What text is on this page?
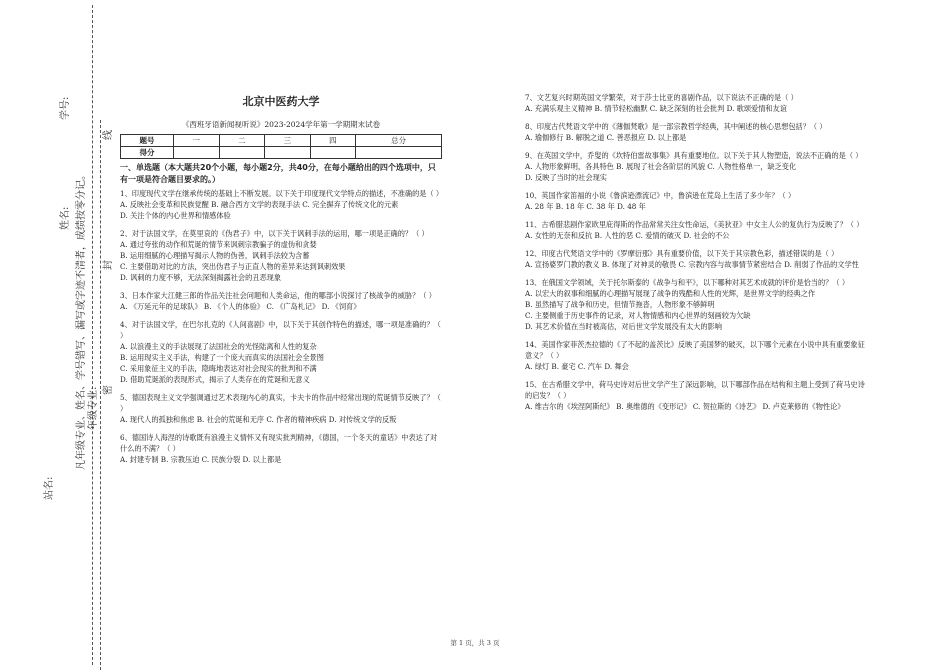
学号:
姓名:
年级专业:
站名:
凡年级专业、姓名、学号错写、漏写或字迹不清者，成绩按零分记。 密
封
线
北京中医药大学
《西班牙语新闻视听说》2023-2024学年第一学期期末试卷
题号	一	二	三	四	总分
得分					
一、单选题（本大题共20个小题，每小题2分，共40分，在每小题给出的四个选项中，只有一项是符合题目要求的。）

1、印度现代文学在继承传统的基础上不断发展。以下关于印度现代文学特点的描述，不准确的是（ ）

A. 反映社会变革和民族觉醒 B. 融合西方文学的表现手法 C. 完全摒弃了传统文化的元素

D. 关注个体的内心世界和情感体验

2、对于法国文学，在莫里哀的《伪君子》中，以下关于讽刺手法的运用，哪一项是正确的？（ ）

A. 通过夸张的动作和荒诞的情节来讽刺宗教骗子的虚伪和贪婪

B. 运用细腻的心理描写揭示人物的伪善，讽刺手法较为含蓄

C. 主要借助对比的方法，突出伪君子与正直人物的差异来达到讽刺效果

D. 讽刺的力度不够，无法深刻揭露社会的丑恶现象

3、日本作家大江健三郎的作品关注社会问题和人类命运，他的哪部小说探讨了核战争的威胁？（ ）

A. 《万延元年的足球队》 B. 《个人的体验》 C. 《广岛札记》 D. 《饲育》

4、对于法国文学，在巴尔扎克的《人间喜剧》中，以下关于其创作特色的描述，哪一项是准确的？（ ）

A. 以浪漫主义的手法展现了法国社会的光怪陆离和人性的复杂

B. 运用现实主义手法，构建了一个庞大而真实的法国社会全景图

C. 采用象征主义的手法，隐晦地表达对社会现实的批判和不满

D. 借助荒诞派的表现形式，揭示了人类存在的荒诞和无意义

5、德国表现主义文学强调通过艺术表现内心的真实，卡夫卡的作品中经常出现的荒诞情节反映了？（ ）

A. 现代人的孤独和焦虑 B. 社会的荒诞和无序 C. 作者的精神疾病 D. 对传统文学的反叛

6、德国诗人海涅的诗歌既有浪漫主义情怀又有现实批判精神，《德国，一个冬天的童话》中表达了对什么的不满？（ ）

A. 封建专制 B. 宗教压迫 C. 民族分裂 D. 以上都是

7、文艺复兴时期英国文学繁荣，对于莎士比亚的喜剧作品，以下说法不正确的是（ ）

A. 充满乐观主义精神 B. 情节轻松幽默 C. 缺乏深刻的社会批判 D. 歌颂爱情和友谊

8、印度古代梵语文学中的《薄伽梵歌》是一部宗教哲学经典，其中阐述的核心思想包括？（ ）

A. 瑜伽修行 B. 解脱之道 C. 善恶报应 D. 以上都是

9、在英国文学中，乔叟的《坎特伯雷故事集》具有重要地位。以下关于其人物塑造，说法不正确的是（ ）

A. 人物形象鲜明，各具特色 B. 展现了社会各阶层的风貌 C. 人物性格单一，缺乏变化

D. 反映了当时的社会现实

10、英国作家笛福的小说《鲁滨逊漂流记》中，鲁滨逊在荒岛上生活了多少年？（ ）

A. 28 年 B. 18 年 C. 38 年 D. 48 年

11、古希腊悲剧作家欧里庇得斯的作品常常关注女性命运，《美狄亚》中女主人公的复仇行为反映了？（ ）

A. 女性的无奈和反抗 B. 人性的恶 C. 爱情的破灭 D. 社会的不公

12、印度古代梵语文学中的《罗摩衍那》具有重要价值，以下关于其宗教色彩，描述错误的是（ ）

A. 宣扬婆罗门教的教义 B. 体现了对神灵的敬畏 C. 宗教内容与故事情节紧密结合 D. 削弱了作品的文学性

13、在俄国文学领域，关于托尔斯泰的《战争与和平》，以下哪种对其艺术成就的评价是恰当的？（ ）

A. 以宏大的叙事和细腻的心理描写展现了战争的残酷和人性的光辉，是世界文学的经典之作

B. 虽然描写了战争和历史，但情节拖沓，人物形象不够鲜明

C. 主要侧重于历史事件的记录，对人物情感和内心世界的刻画较为欠缺

D. 其艺术价值在当时被高估，对后世文学发展没有太大的影响

14、美国作家菲茨杰拉德的《了不起的盖茨比》反映了美国梦的破灭，以下哪个元素在小说中具有重要象征意义？（ ）

A. 绿灯 B. 豪宅 C. 汽车 D. 舞会

15、在古希腊文学中，荷马史诗对后世文学产生了深远影响，以下哪部作品在结构和主题上受到了荷马史诗的启发？（ ）

A. 维吉尔的《埃涅阿斯纪》 B. 奥维德的《变形记》 C. 贺拉斯的《诗艺》 D. 卢克莱修的《物性论》

第 1 页，共 3 页
